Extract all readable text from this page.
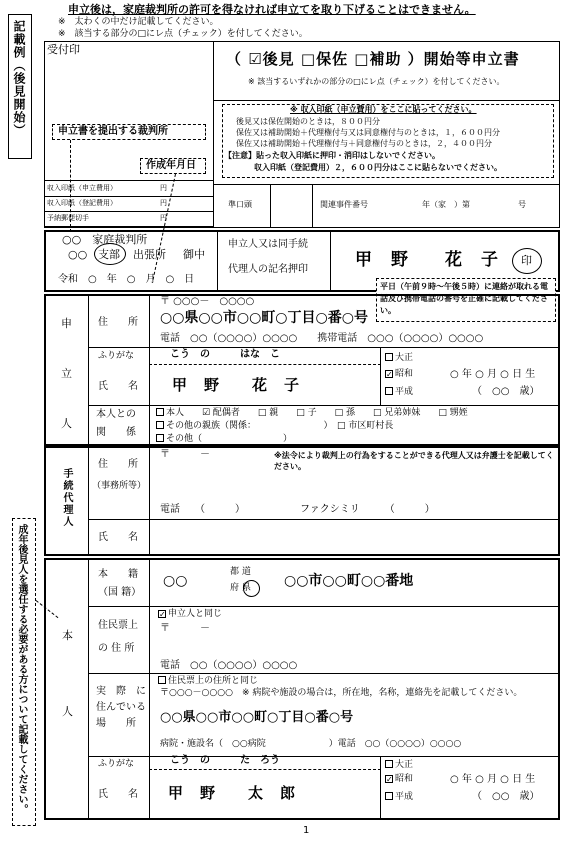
申立後は，家庭裁判所の許可を得なければ申立てを取り下げることはできません。
※　太わくの中だけ記載してください。
※　該当する部分の□にレ点（チェック）を付してください。
記載例（後見開始） 受付印
（ ☑後見 □保佐 □補助 ）開始等申立書
※ 該当するいずれかの部分の□にレ点（チェック）を付してください。
※ 収入印紙（申立費用）をここに貼ってください。
後見又は保佐開始のときは，８００円分
保佐又は補助開始＋代理権付与又は同意権付与のときは，１，６００円分
保佐又は補助開始＋代理権付与＋同意権付与のときは，２，４００円分
【注意】貼った収入印紙に押印・消印はしないでください。
収入印紙（登記費用）２，６００円分はここに貼らないでください。
申立書を提出する裁判所
作成年月日
収入印紙（申立費用）
収入印紙（登記費用）
予納郵便切手
円
円
円
準口頭	関連事件番号	年（家　）第　　　　　　号
○○　家庭裁判所
○○ 支部 出張所 御中
令和　○　年　○　月　○　日
申立人又は同手続
代理人の記名押印	甲　野　　花　子 印
平日（午前９時～午後５時）に連絡が取れる電話及び携帯電話の番号を正確に記載してください。
申
立
人
住　　所
〒 ○○○－　○○○○
○○県○○市○○町○丁目○番○号
電話　○○（○○○○）○○○○　　携帯電話　○○○（○○○○）○○○○
ふりがな	こう　の　　　はな　こ
氏　　名 甲　野　　花　子
大正
✓ 昭和
平成
○ 年 ○ 月 ○ 日 生
（　○○　歳）
本人との
関　　係
本人　　☑ 配偶者　　□ 親　　□ 子　　□ 孫　　□ 兄弟姉妹　　□ 甥姪
その他の親族（関係：　　　　　　　　）　□ 市区町村長
その他（　　　　　　　　　）
手続代理人
住　　所
（事務所等）
〒　　　－	※法令により裁判上の行為をすることができる代理人又は弁護士を記載してください。
電話　　（　　　）　　　　　　ファクシミリ　　　（　　　）
氏　　名
本
人
本　　籍
（国 籍）
○○
都 道
府 県 ○○市○○町○○番地
住民票上
の 住 所
✓ 申立人と同じ
〒　　　－
電話　○○（○○○○）○○○○
実　際　に
住んでいる
場　　所
住民票上の住所と同じ
〒○○○－○○○○　※ 病院や施設の場合は，所在地，名称，連絡先を記載してください。
○○県○○市○○町○丁目○番○号
病院・施設名（　○○病院　　　　　　　）電話　○○（○○○○）○○○○
ふりがな	こう　の　　　た　ろう
氏　　名 甲　野　　太　郎
大正
✓ 昭和
平成
○ 年 ○ 月 ○ 日 生
（　○○　歳）
成年後見人を選任する必要がある方について記載してください。
1
